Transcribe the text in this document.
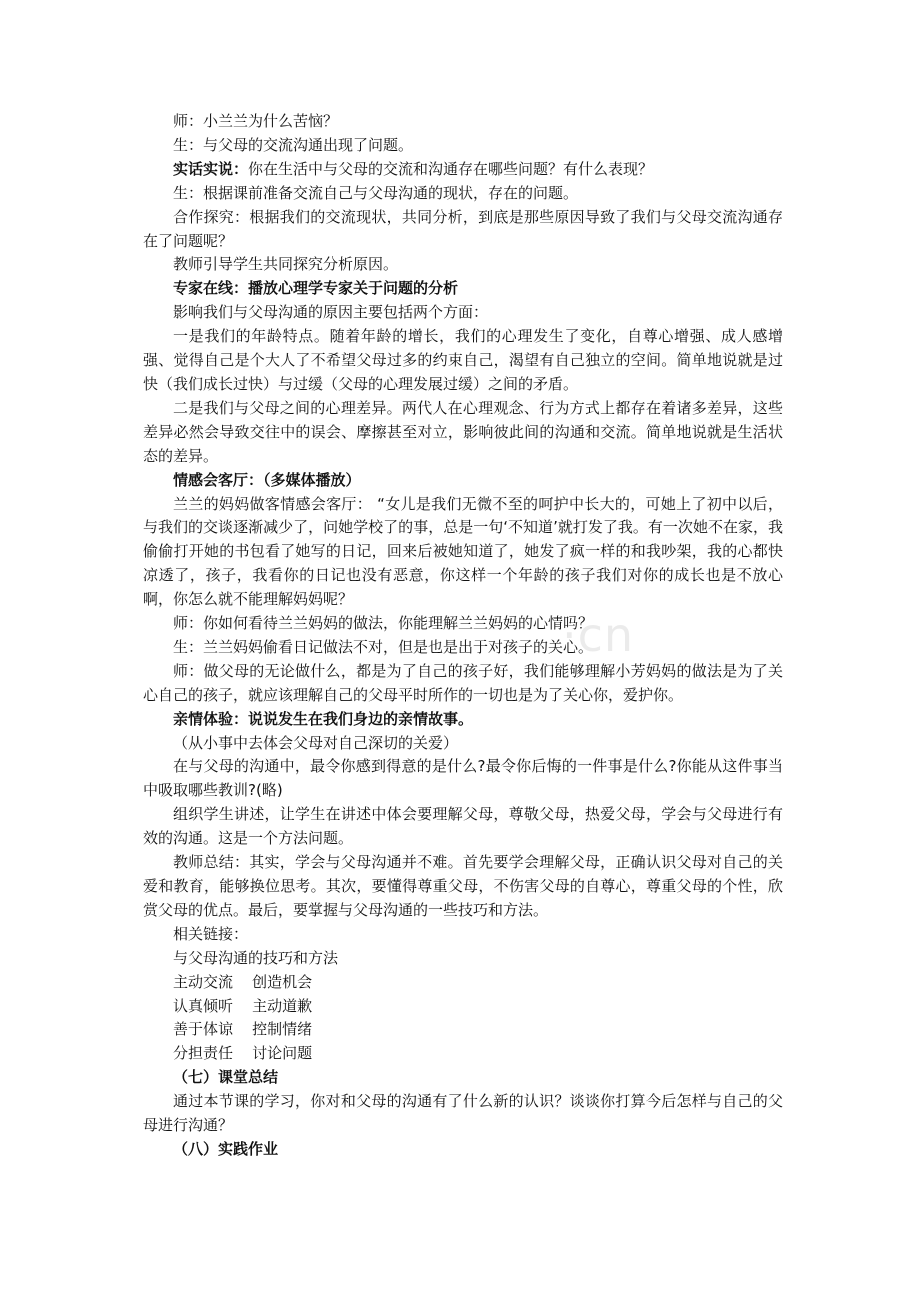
师：小兰兰为什么苦恼？
生：与父母的交流沟通出现了问题。
实话实说：你在生活中与父母的交流和沟通存在哪些问题？有什么表现？
生：根据课前准备交流自己与父母沟通的现状，存在的问题。
合作探究：根据我们的交流现状，共同分析，到底是那些原因导致了我们与父母交流沟通存在了问题呢？
教师引导学生共同探究分析原因。
专家在线：播放心理学专家关于问题的分析
影响我们与父母沟通的原因主要包括两个方面：
一是我们的年龄特点。随着年龄的增长，我们的心理发生了变化，自尊心增强、成人感增强、觉得自己是个大人了不希望父母过多的约束自己，渴望有自己独立的空间。简单地说就是过快（我们成长过快）与过缓（父母的心理发展过缓）之间的矛盾。
二是我们与父母之间的心理差异。两代人在心理观念、行为方式上都存在着诸多差异，这些差异必然会导致交往中的误会、摩擦甚至对立，影响彼此间的沟通和交流。简单地说就是生活状态的差异。
情感会客厅：（多媒体播放）
兰兰的妈妈做客情感会客厅： “女儿是我们无微不至的呵护中长大的，可她上了初中以后，与我们的交谈逐渐减少了，问她学校了的事，总是一句‘不知道’就打发了我。有一次她不在家，我偷偷打开她的书包看了她写的日记，回来后被她知道了，她发了疯一样的和我吵架，我的心都快凉透了，孩子，我看你的日记也没有恶意，你这样一个年龄的孩子我们对你的成长也是不放心啊，你怎么就不能理解妈妈呢？
师：你如何看待兰兰妈妈的做法，你能理解兰兰妈妈的心情吗？
生：兰兰妈妈偷看日记做法不对，但是也是出于对孩子的关心。
师：做父母的无论做什么，都是为了自己的孩子好，我们能够理解小芳妈妈的做法是为了关心自己的孩子，就应该理解自己的父母平时所作的一切也是为了关心你，爱护你。
亲情体验：说说发生在我们身边的亲情故事。
（从小事中去体会父母对自己深切的关爱）
在与父母的沟通中，最令你感到得意的是什么?最令你后悔的一件事是什么?你能从这件事当中吸取哪些教训?(略)
组织学生讲述，让学生在讲述中体会要理解父母，尊敬父母，热爱父母，学会与父母进行有效的沟通。这是一个方法问题。
教师总结：其实，学会与父母沟通并不难。首先要学会理解父母，正确认识父母对自己的关爱和教育，能够换位思考。其次，要懂得尊重父母，不伤害父母的自尊心，尊重父母的个性，欣赏父母的优点。最后，要掌握与父母沟通的一些技巧和方法。
相关链接：
与父母沟通的技巧和方法
主动交流    创造机会
认真倾听    主动道歉
善于体谅    控制情绪
分担责任    讨论问题
（七）课堂总结
通过本节课的学习，你对和父母的沟通有了什么新的认识？谈谈你打算今后怎样与自己的父母进行沟通？
（八）实践作业
·cn
